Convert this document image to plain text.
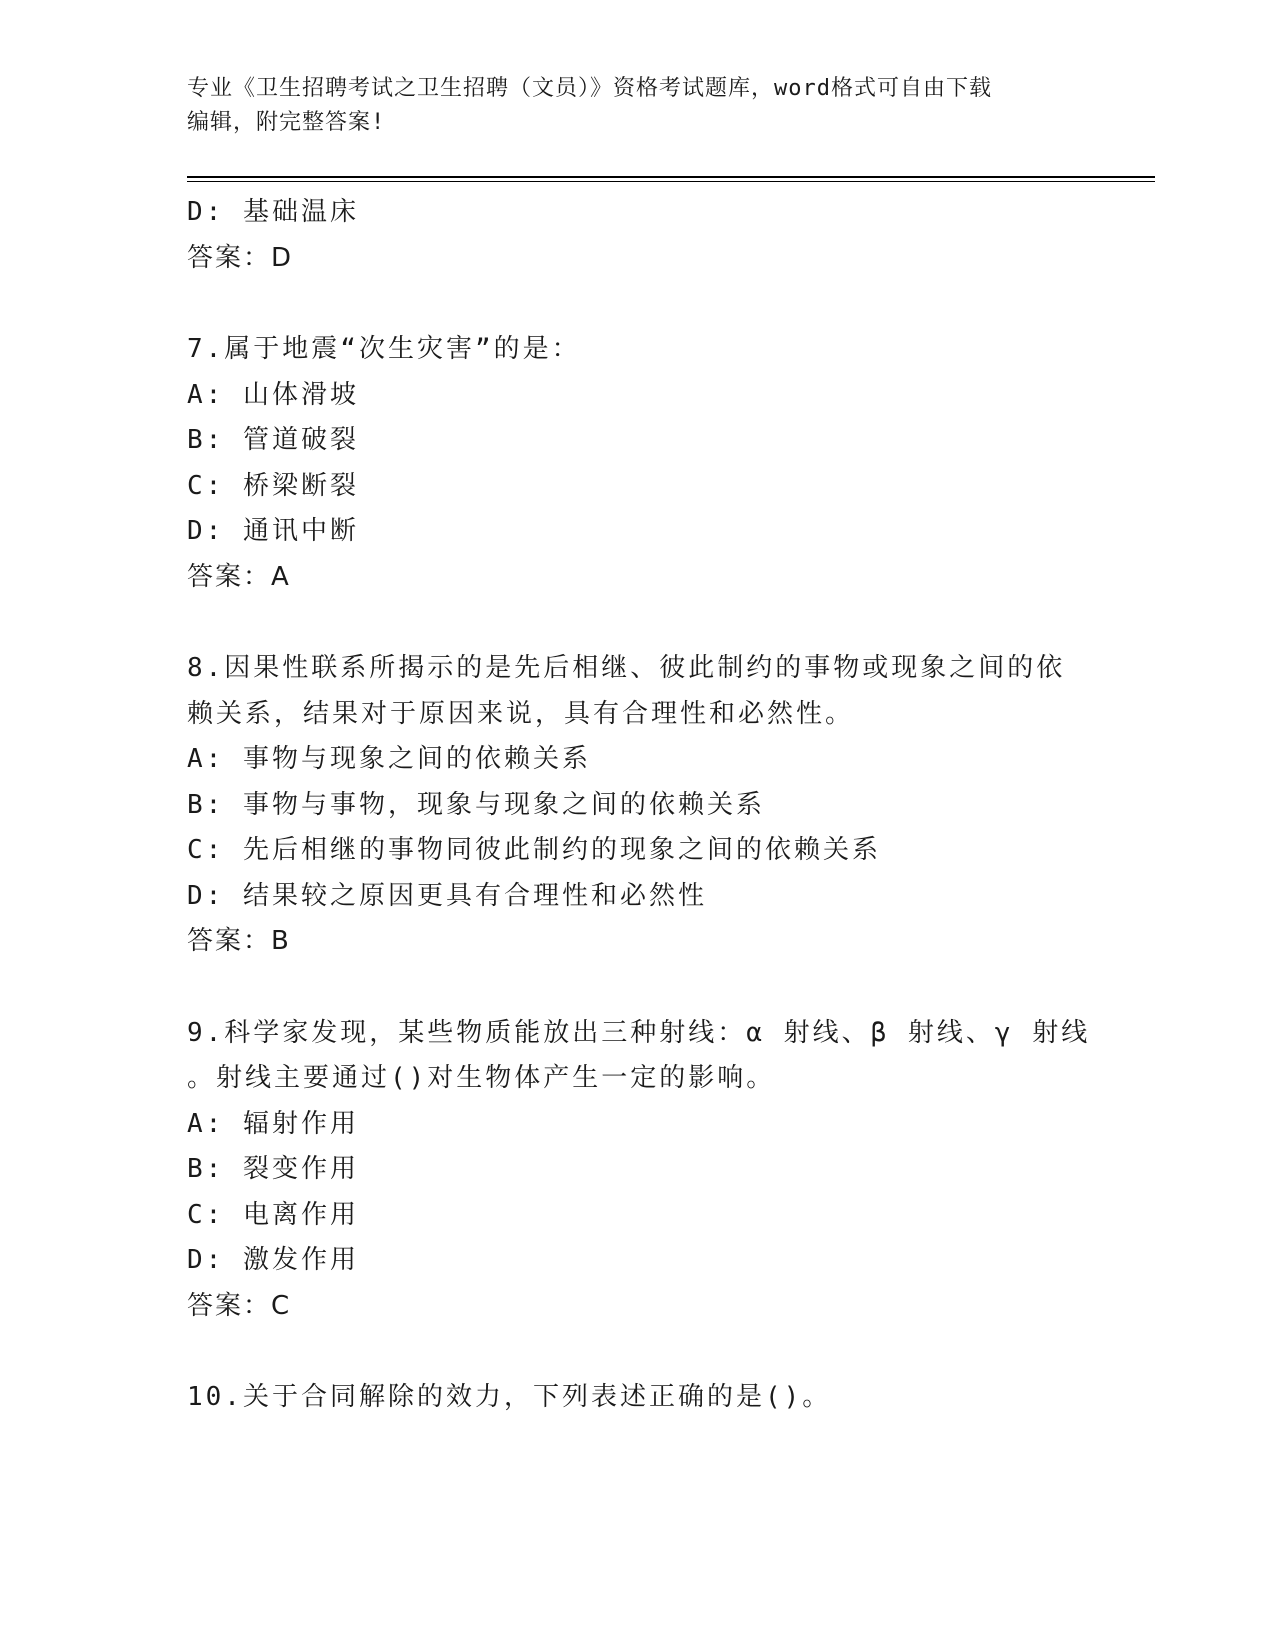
专业《卫生招聘考试之卫生招聘（文员）》资格考试题库，word格式可自由下载
编辑，附完整答案!
D: 基础温床
答案：D
7.属于地震“次生灾害”的是：
A: 山体滑坡
B: 管道破裂
C: 桥梁断裂
D: 通讯中断
答案：A
8.因果性联系所揭示的是先后相继、彼此制约的事物或现象之间的依
赖关系，结果对于原因来说，具有合理性和必然性。
A: 事物与现象之间的依赖关系
B: 事物与事物，现象与现象之间的依赖关系
C: 先后相继的事物同彼此制约的现象之间的依赖关系
D: 结果较之原因更具有合理性和必然性
答案：B
9.科学家发现，某些物质能放出三种射线：α 射线、β 射线、γ 射线
。射线主要通过()对生物体产生一定的影响。
A: 辐射作用
B: 裂变作用
C: 电离作用
D: 激发作用
答案：C
10.关于合同解除的效力，下列表述正确的是()。
